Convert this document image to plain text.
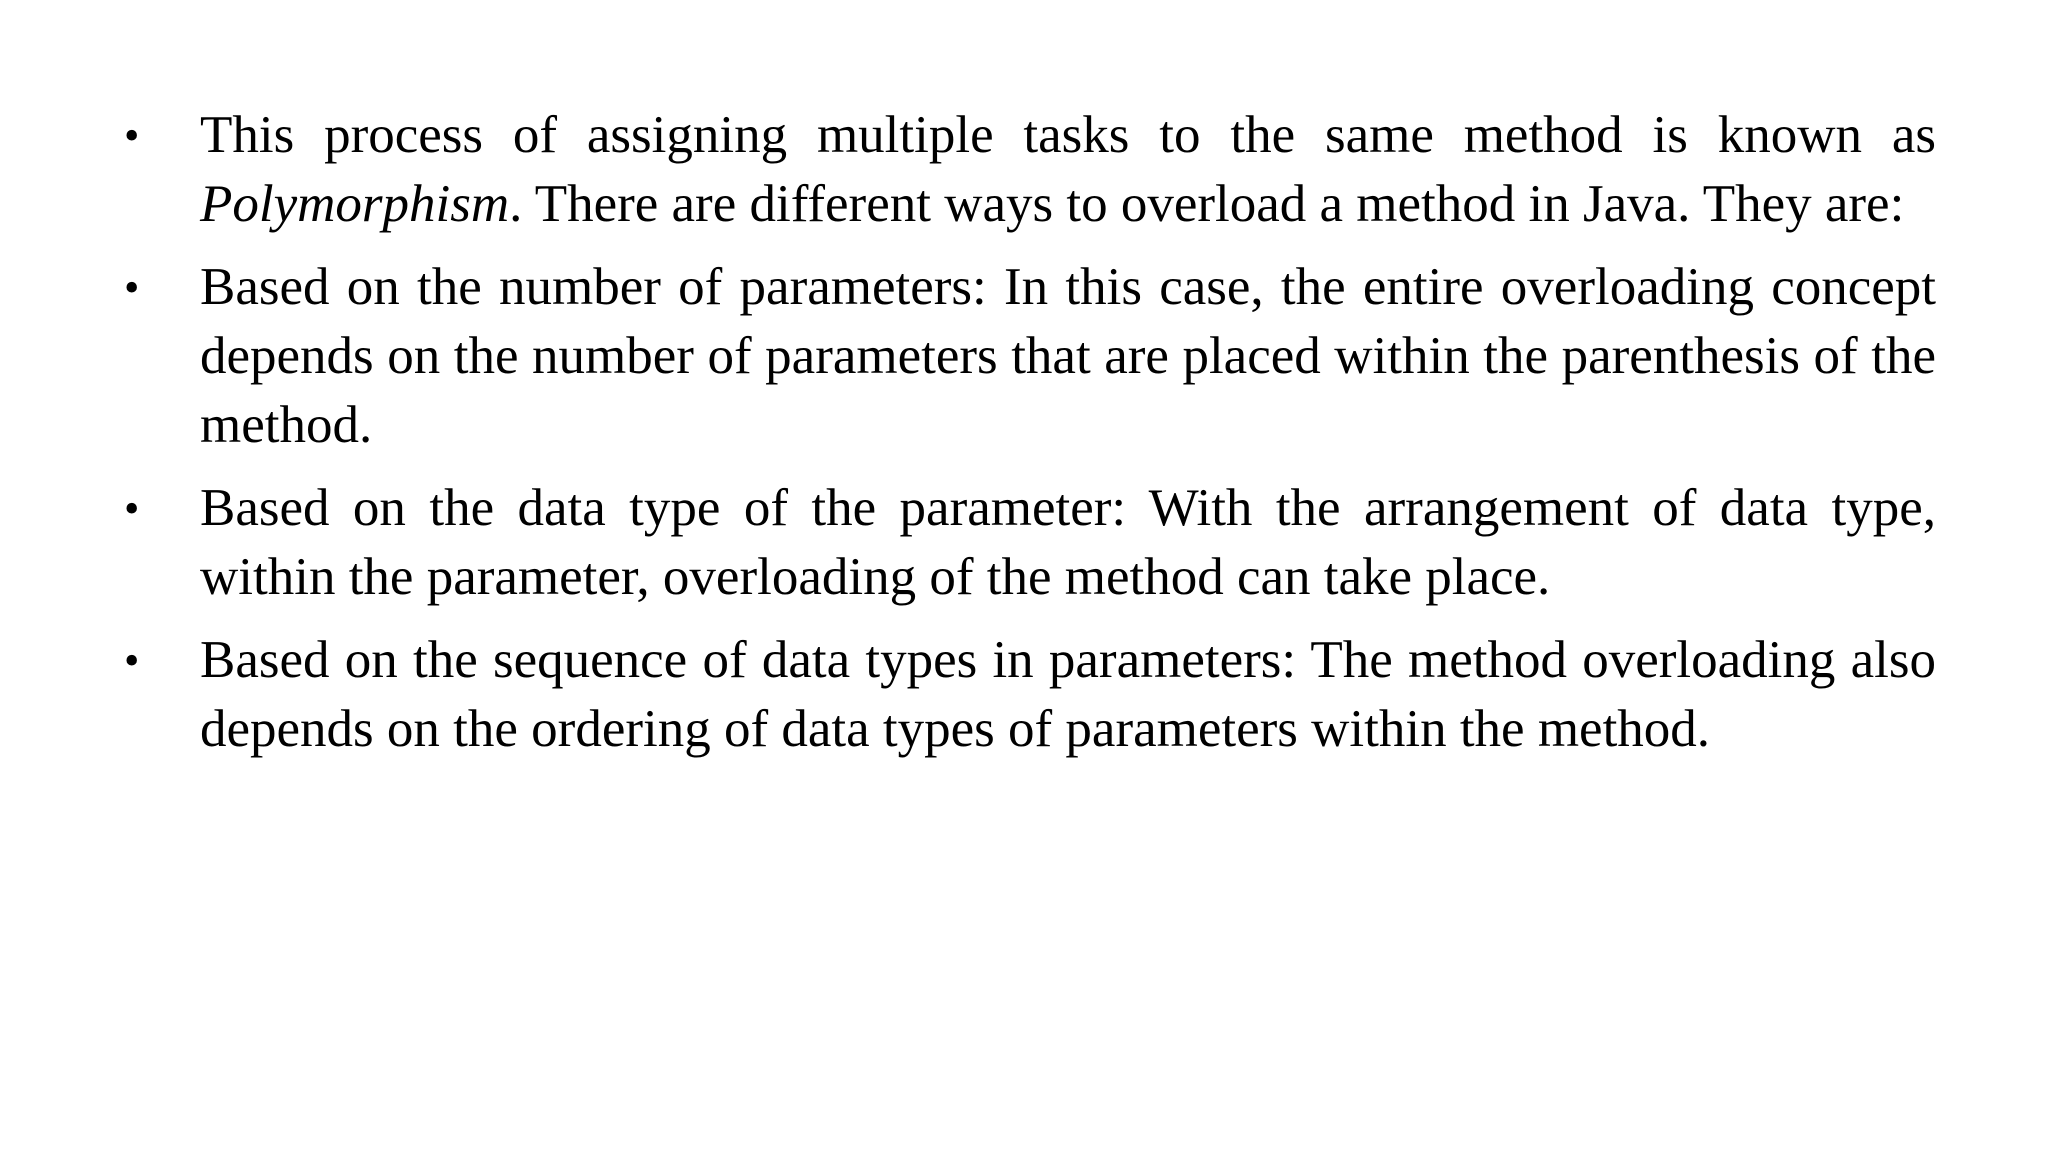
• This process of assigning multiple tasks to the same method is known as Polymorphism. There are different ways to overload a method in Java. They are:
• Based on the number of parameters: In this case, the entire overloading concept depends on the number of parameters that are placed within the parenthesis of the method.
• Based on the data type of the parameter: With the arrangement of data type, within the parameter, overloading of the method can take place.
• Based on the sequence of data types in parameters: The method overloading also depends on the ordering of data types of parameters within the method.
